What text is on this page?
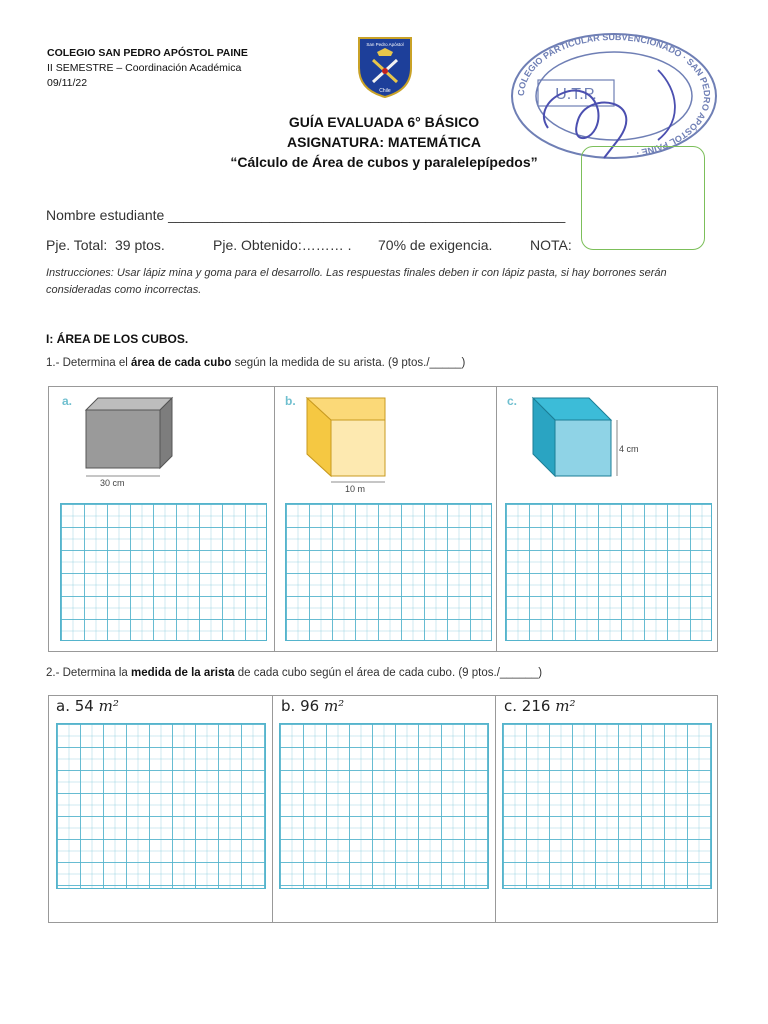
COLEGIO SAN PEDRO APÓSTOL PAINE
II SEMESTRE – Coordinación Académica
09/11/22
San Pedro Apóstol
Chile	COLEGIO PARTICULAR SUBVENCIONADO · SAN PEDRO APÓSTOL PAINE ·
U.T.P.
GUÍA EVALUADA 6° BÁSICO
ASIGNATURA: MATEMÁTICA
“Cálculo de Área de cubos y paralelepípedos”
Nombre estudiante ___________________________________________________
Pje. Total:  39 ptos.	Pje. Obtenido:……… . 70% de exigencia.	NOTA:
Instrucciones: Usar lápiz mina y goma para el desarrollo. Las respuestas finales deben ir con lápiz pasta, si hay borrones serán consideradas como incorrectas.
I: ÁREA DE LOS CUBOS.
1.- Determina el área de cada cubo según la medida de su arista. (9 ptos./_____)
a.
30 cm
b.
10 m
c.
4 cm
2.- Determina la medida de la arista de cada cubo según el área de cada cubo. (9 ptos./______)
a. 54 m²	b. 96 m²	c. 216 m²
